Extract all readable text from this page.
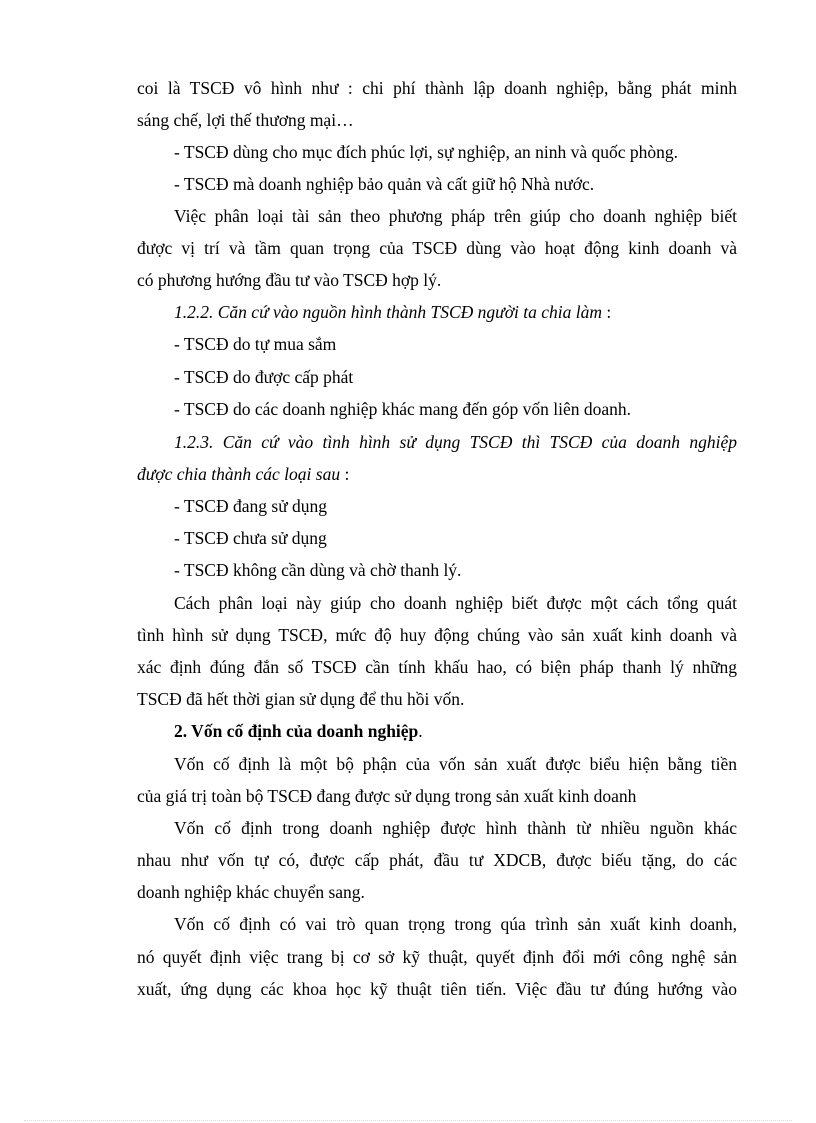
coi là TSCĐ vô hình như : chi phí thành lập doanh nghiệp, bằng phát minh
sáng chế, lợi thế thương mại…
- TSCĐ dùng cho mục đích phúc lợi, sự nghiệp, an ninh và quốc phòng.
- TSCĐ mà doanh nghiệp bảo quản và cất giữ hộ Nhà nước.
Việc phân loại tài sản theo phương pháp trên giúp cho doanh nghiệp biết
được vị trí và tầm quan trọng của TSCĐ dùng vào hoạt động kinh doanh và
có phương hướng đầu tư vào TSCĐ hợp lý.
1.2.2. Căn cứ vào nguồn hình thành TSCĐ người ta chia làm :
- TSCĐ do tự mua sắm
- TSCĐ do được cấp phát
- TSCĐ do các doanh nghiệp khác mang đến góp vốn liên doanh.
1.2.3. Căn cứ vào tình hình sử dụng TSCĐ thì TSCĐ của doanh nghiệp
được chia thành các loại sau :
- TSCĐ đang sử dụng
- TSCĐ chưa sử dụng
- TSCĐ không cần dùng và chờ thanh lý.
Cách phân loại này giúp cho doanh nghiệp biết được một cách tổng quát
tình hình sử dụng TSCĐ, mức độ huy động chúng vào sản xuất kinh doanh và
xác định đúng đắn số TSCĐ cần tính khấu hao, có biện pháp thanh lý những
TSCĐ đã hết thời gian sử dụng để thu hồi vốn.
2. Vốn cố định của doanh nghiệp.
Vốn cố định là một bộ phận của vốn sản xuất được biểu hiện bằng tiền
của giá trị toàn bộ TSCĐ đang được sử dụng trong sản xuất kinh doanh
Vốn cố định trong doanh nghiệp được hình thành từ nhiều nguồn khác
nhau như vốn tự có, được cấp phát, đầu tư XDCB, được biếu tặng, do các
doanh nghiệp khác chuyển sang.
Vốn cố định có vai trò quan trọng trong qúa trình sản xuất kinh doanh,
nó quyết định việc trang bị cơ sở kỹ thuật, quyết định đổi mới công nghệ sản
xuất, ứng dụng các khoa học kỹ thuật tiên tiến. Việc đầu tư đúng hướng vào
